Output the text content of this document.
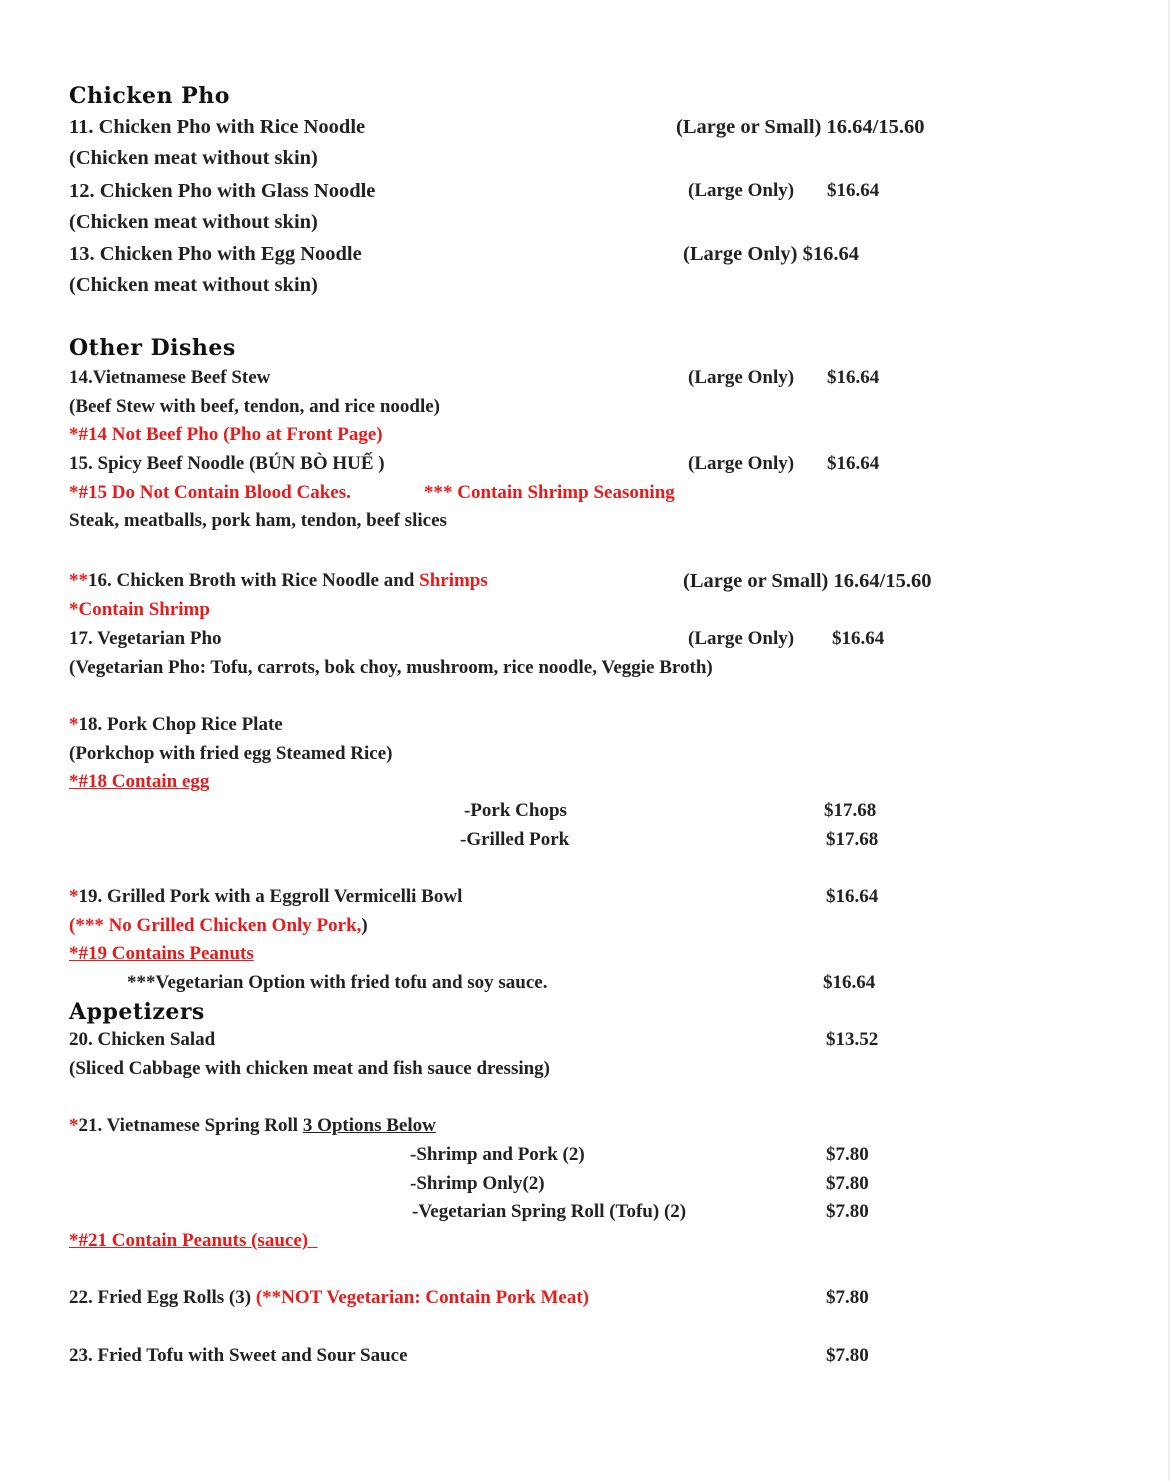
Chicken Pho
11. Chicken Pho with Rice Noodle	(Large or Small) 16.64/15.60
(Chicken meat without skin)
12. Chicken Pho with Glass Noodle	(Large Only) $16.64
(Chicken meat without skin)
13. Chicken Pho with Egg Noodle	(Large Only) $16.64
(Chicken meat without skin)
Other Dishes
14.Vietnamese Beef Stew	(Large Only) $16.64
(Beef Stew with beef, tendon, and rice noodle)
*#14 Not Beef Pho (Pho at Front Page)
15. Spicy Beef Noodle (BÚN BÒ HUẾ )	(Large Only) $16.64
*#15 Do Not Contain Blood Cakes.	*** Contain Shrimp Seasoning
Steak, meatballs, pork ham, tendon, beef slices
**16. Chicken Broth with Rice Noodle and Shrimps	(Large or Small) 16.64/15.60
*Contain Shrimp
17. Vegetarian Pho	(Large Only) $16.64
(Vegetarian Pho: Tofu, carrots, bok choy, mushroom, rice noodle, Veggie Broth)
*18. Pork Chop Rice Plate
(Porkchop with fried egg Steamed Rice)
*#18 Contain egg
-Pork Chops	$17.68
-Grilled Pork	$17.68
*19. Grilled Pork with a Eggroll Vermicelli Bowl	$16.64
(*** No Grilled Chicken Only Pork,)
*#19 Contains Peanuts
***Vegetarian Option with fried tofu and soy sauce.	$16.64
Appetizers
20. Chicken Salad	$13.52
(Sliced Cabbage with chicken meat and fish sauce dressing)
*21. Vietnamese Spring Roll 3 Options Below
-Shrimp and Pork (2)	$7.80
-Shrimp Only(2)	$7.80
-Vegetarian Spring Roll (Tofu) (2)	$7.80
*#21 Contain Peanuts (sauce)
22. Fried Egg Rolls (3) (**NOT Vegetarian: Contain Pork Meat)	$7.80
23. Fried Tofu with Sweet and Sour Sauce	$7.80
